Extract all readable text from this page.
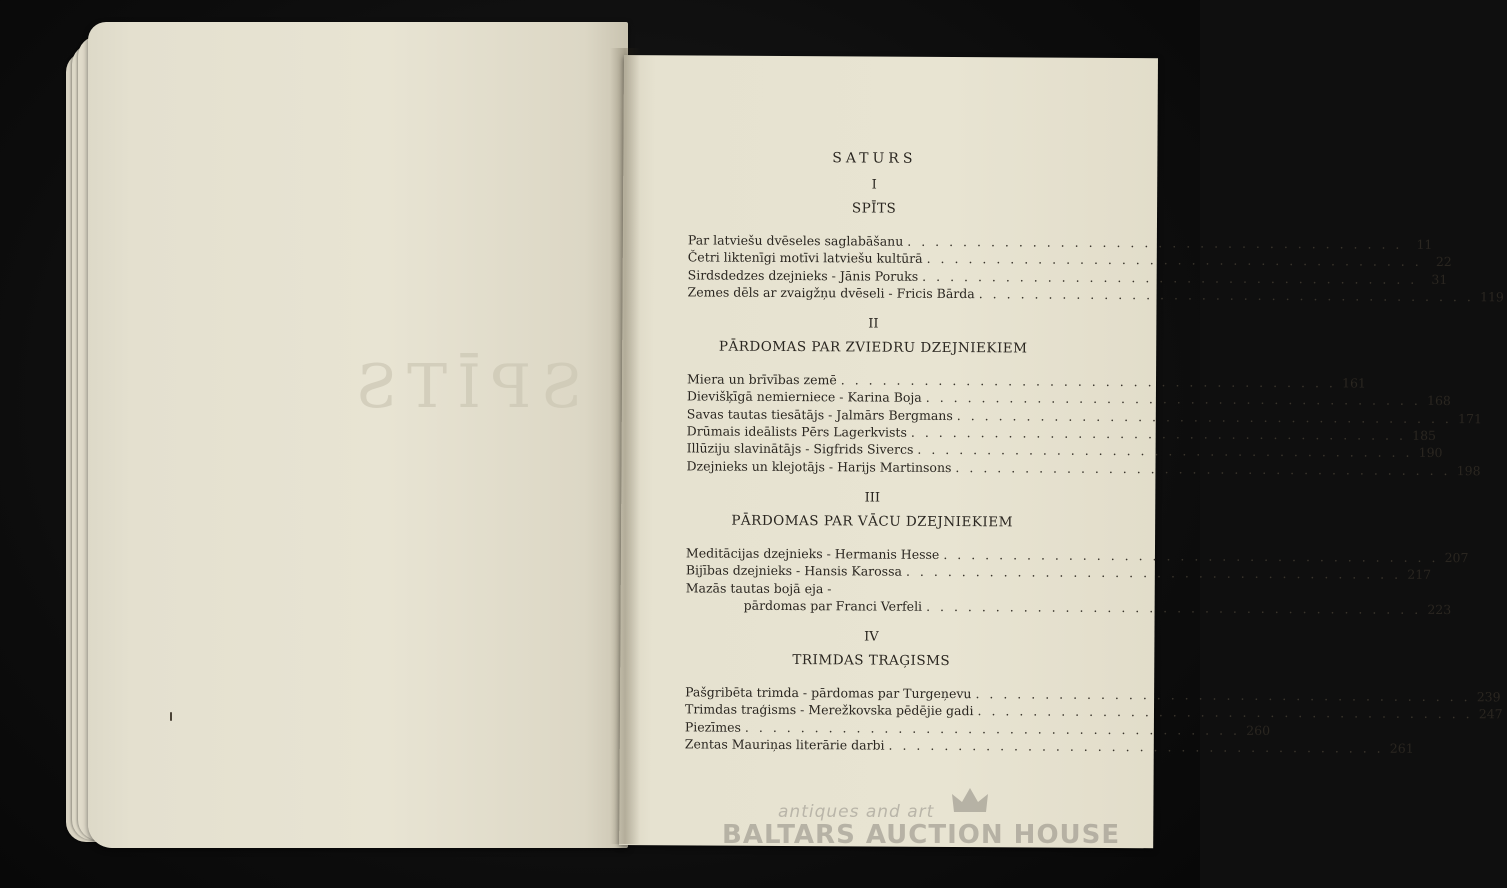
SPĪTS
SATURS
I
SPĪTS
Par latviešu dvēseles saglabāšanu . . .	11
Četri liktenīgi motīvi latviešu kultūrā . . .	22
Sirdsdedzes dzejnieks - Jānis Poruks . . .	31
Zemes dēls ar zvaigžņu dvēseli - Fricis Bārda . . .	119
II
PĀRDOMAS PAR ZVIEDRU DZEJNIEKIEM
Miera un brīvības zemē . . .	161
Dievišķīgā nemierniece - Karina Boja . . .	168
Savas tautas tiesātājs - Jalmārs Bergmans . . .	171
Drūmais ideālists Pērs Lagerkvists . . .	185
Illūziju slavinātājs - Sigfrids Sivercs . . .	190
Dzejnieks un klejotājs - Harijs Martinsons . . .	198
III
PĀRDOMAS PAR VĀCU DZEJNIEKIEM
Meditācijas dzejnieks - Hermanis Hesse . . .	207
Bijības dzejnieks - Hansis Karossa . . .	217
Mazās tautas bojā eja -
pārdomas par Franci Verfeli . . .	223
IV
TRIMDAS TRAĢISMS
Pašgribēta trimda - pārdomas par Turgeņevu . . .	239
Trimdas traģisms - Merežkovska pēdējie gadi . . .	247
Piezīmes . . .	260
Zentas Mauriņas literārie darbi . . .	261
antiques and art
BALTARS AUCTION HOUSE
